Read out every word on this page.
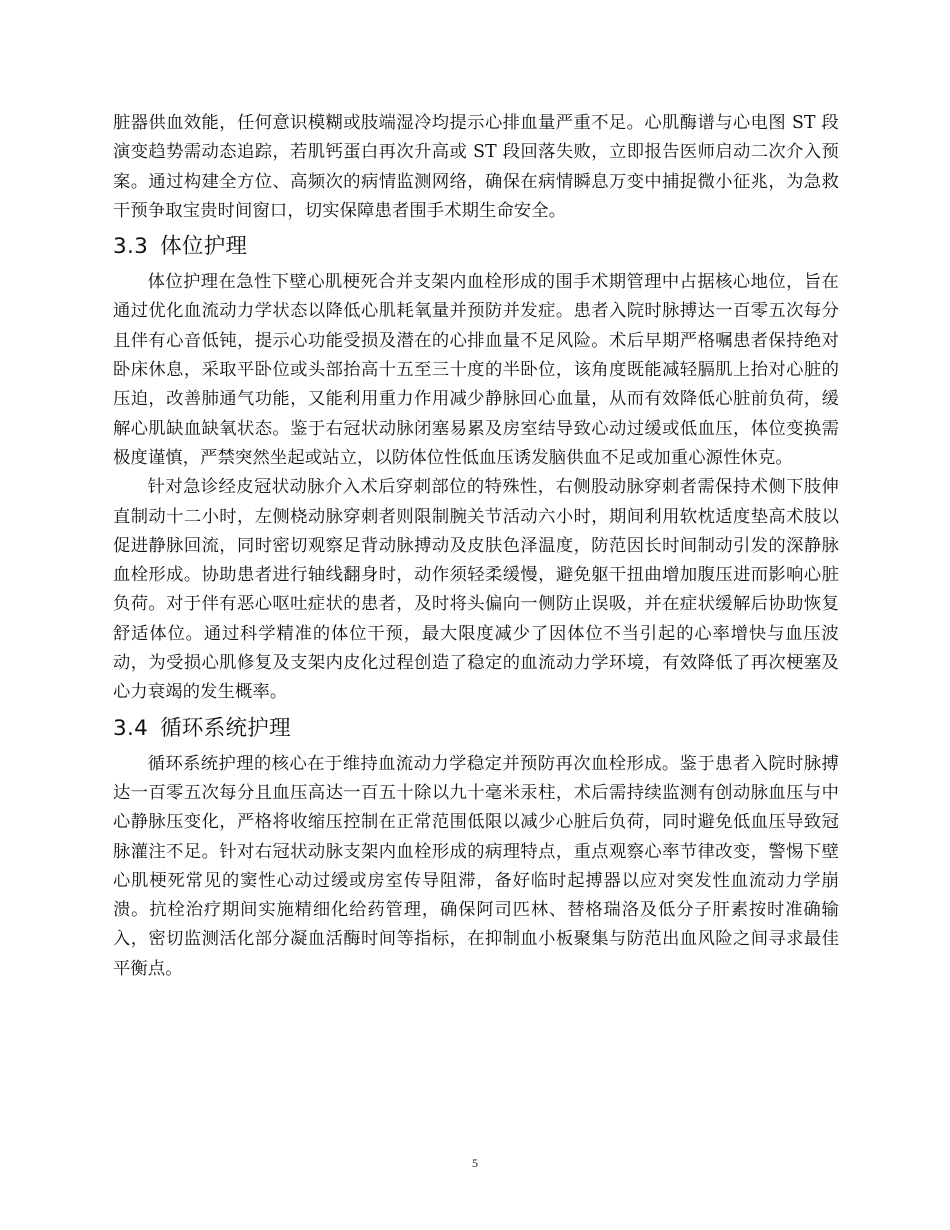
脏器供血效能，任何意识模糊或肢端湿冷均提示心排血量严重不足。心肌酶谱与心电图 ST 段演变趋势需动态追踪，若肌钙蛋白再次升高或 ST 段回落失败，立即报告医师启动二次介入预案。通过构建全方位、高频次的病情监测网络，确保在病情瞬息万变中捕捉微小征兆，为急救干预争取宝贵时间窗口，切实保障患者围手术期生命安全。

3.3 体位护理

体位护理在急性下壁心肌梗死合并支架内血栓形成的围手术期管理中占据核心地位，旨在通过优化血流动力学状态以降低心肌耗氧量并预防并发症。患者入院时脉搏达一百零五次每分且伴有心音低钝，提示心功能受损及潜在的心排血量不足风险。术后早期严格嘱患者保持绝对卧床休息，采取平卧位或头部抬高十五至三十度的半卧位，该角度既能减轻膈肌上抬对心脏的压迫，改善肺通气功能，又能利用重力作用减少静脉回心血量，从而有效降低心脏前负荷，缓解心肌缺血缺氧状态。鉴于右冠状动脉闭塞易累及房室结导致心动过缓或低血压，体位变换需极度谨慎，严禁突然坐起或站立，以防体位性低血压诱发脑供血不足或加重心源性休克。

针对急诊经皮冠状动脉介入术后穿刺部位的特殊性，右侧股动脉穿刺者需保持术侧下肢伸直制动十二小时，左侧桡动脉穿刺者则限制腕关节活动六小时，期间利用软枕适度垫高术肢以促进静脉回流，同时密切观察足背动脉搏动及皮肤色泽温度，防范因长时间制动引发的深静脉血栓形成。协助患者进行轴线翻身时，动作须轻柔缓慢，避免躯干扭曲增加腹压进而影响心脏负荷。对于伴有恶心呕吐症状的患者，及时将头偏向一侧防止误吸，并在症状缓解后协助恢复舒适体位。通过科学精准的体位干预，最大限度减少了因体位不当引起的心率增快与血压波动，为受损心肌修复及支架内皮化过程创造了稳定的血流动力学环境，有效降低了再次梗塞及心力衰竭的发生概率。

3.4 循环系统护理

循环系统护理的核心在于维持血流动力学稳定并预防再次血栓形成。鉴于患者入院时脉搏达一百零五次每分且血压高达一百五十除以九十毫米汞柱，术后需持续监测有创动脉血压与中心静脉压变化，严格将收缩压控制在正常范围低限以减少心脏后负荷，同时避免低血压导致冠脉灌注不足。针对右冠状动脉支架内血栓形成的病理特点，重点观察心率节律改变，警惕下壁心肌梗死常见的窦性心动过缓或房室传导阻滞，备好临时起搏器以应对突发性血流动力学崩溃。抗栓治疗期间实施精细化给药管理，确保阿司匹林、替格瑞洛及低分子肝素按时准确输入，密切监测活化部分凝血活酶时间等指标，在抑制血小板聚集与防范出血风险之间寻求最佳平衡点。

5
